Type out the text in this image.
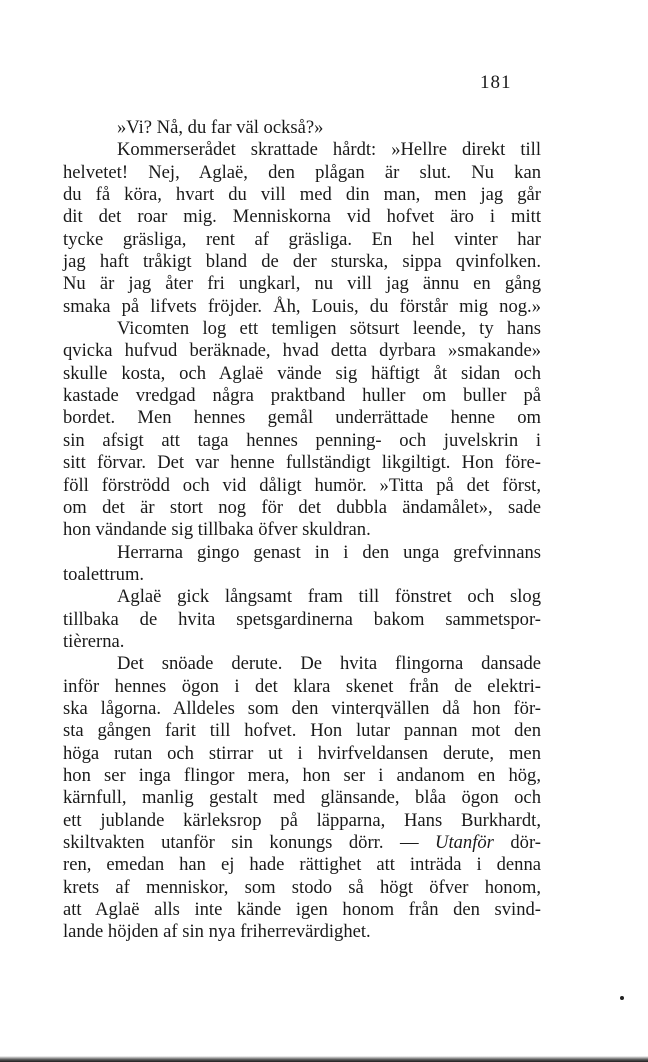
181

»Vi? Nå, du far väl också?»

Kommerserådet skrattade hårdt: »Hellre direkt till

helvetet! Nej, Aglaë, den plågan är slut. Nu kan

du få köra, hvart du vill med din man, men jag går

dit det roar mig. Menniskorna vid hofvet äro i mitt

tycke gräsliga, rent af gräsliga. En hel vinter har

jag haft tråkigt bland de der sturska, sippa qvinfolken.

Nu är jag åter fri ungkarl, nu vill jag ännu en gång

smaka på lifvets fröjder. Åh, Louis, du förstår mig nog.»

Vicomten log ett temligen sötsurt leende, ty hans

qvicka hufvud beräknade, hvad detta dyrbara »smakande»

skulle kosta, och Aglaë vände sig häftigt åt sidan och

kastade vredgad några praktband huller om buller på

bordet. Men hennes gemål underrättade henne om

sin afsigt att taga hennes penning- och juvelskrin i

sitt förvar. Det var henne fullständigt likgiltigt. Hon före-

föll förströdd och vid dåligt humör. »Titta på det först,

om det är stort nog för det dubbla ändamålet», sade

hon vändande sig tillbaka öfver skuldran.

Herrarna gingo genast in i den unga grefvinnans

toalettrum.

Aglaë gick långsamt fram till fönstret och slog

tillbaka de hvita spetsgardinerna bakom sammetspor-

tièrerna.

Det snöade derute. De hvita flingorna dansade

inför hennes ögon i det klara skenet från de elektri-

ska lågorna. Alldeles som den vinterqvällen då hon för-

sta gången farit till hofvet. Hon lutar pannan mot den

höga rutan och stirrar ut i hvirfveldansen derute, men

hon ser inga flingor mera, hon ser i andanom en hög,

kärnfull, manlig gestalt med glänsande, blåa ögon och

ett jublande kärleksrop på läpparna, Hans Burkhardt,

skiltvakten utanför sin konungs dörr. — Utanför dör-

ren, emedan han ej hade rättighet att inträda i denna

krets af menniskor, som stodo så högt öfver honom,

att Aglaë alls inte kände igen honom från den svind-

lande höjden af sin nya friherrevärdighet.
